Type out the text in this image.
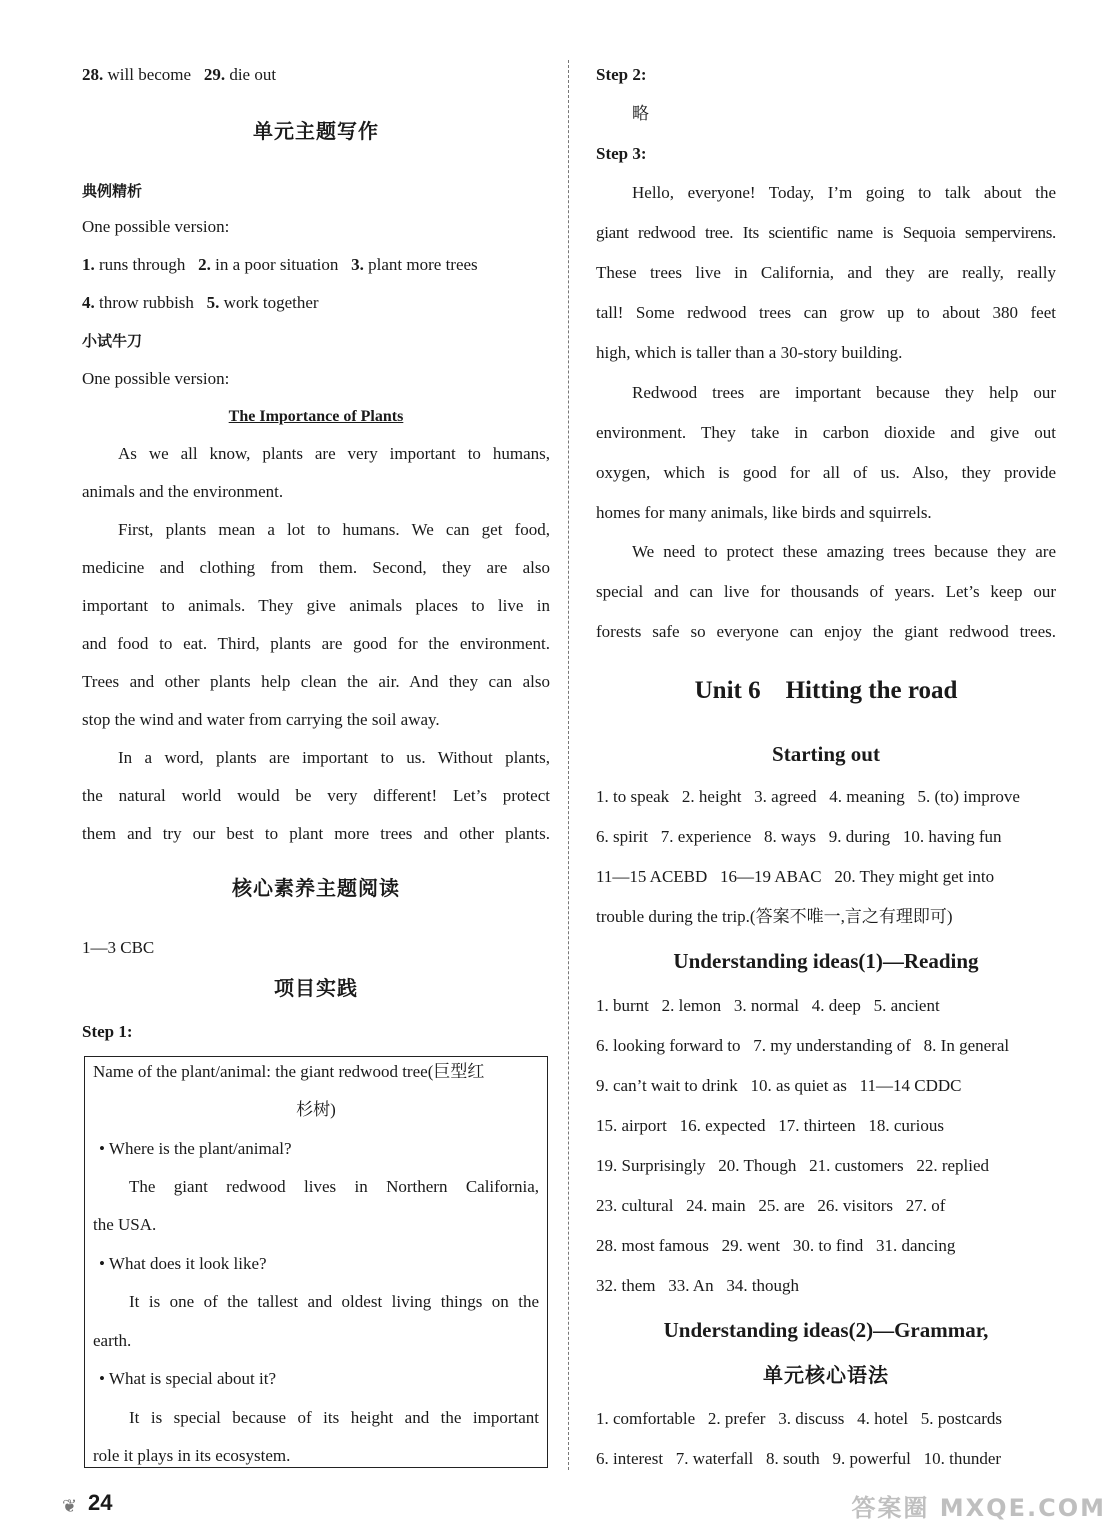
28. will become 29. die out
单元主题写作
典例精析
One possible version:
1. runs through 2. in a poor situation 3. plant more trees
4. throw rubbish 5. work together
小试牛刀
One possible version:
The Importance of Plants
As we all know, plants are very important to humans,
animals and the environment.
First, plants mean a lot to humans. We can get food,
medicine and clothing from them. Second, they are also
important to animals. They give animals places to live in
and food to eat. Third, plants are good for the environment.
Trees and other plants help clean the air. And they can also
stop the wind and water from carrying the soil away.
In a word, plants are important to us. Without plants,
the natural world would be very different! Let’s protect
them and try our best to plant more trees and other plants.
核心素养主题阅读
1—3 CBC
项目实践
Step 1:
Name of the plant/animal: the giant redwood tree(巨型红
杉树)
• Where is the plant/animal?
The giant redwood lives in Northern California,
the USA.
• What does it look like?
It is one of the tallest and oldest living things on the
earth.
• What is special about it?
It is special because of its height and the important
role it plays in its ecosystem.
Step 2:
略
Step 3:
Hello, everyone! Today, I’m going to talk about the
giant redwood tree. Its scientific name is Sequoia sempervirens.
These trees live in California, and they are really, really
tall! Some redwood trees can grow up to about 380 feet
high, which is taller than a 30-story building.
Redwood trees are important because they help our
environment. They take in carbon dioxide and give out
oxygen, which is good for all of us. Also, they provide
homes for many animals, like birds and squirrels.
We need to protect these amazing trees because they are
special and can live for thousands of years. Let’s keep our
forests safe so everyone can enjoy the giant redwood trees.
Unit 6    Hitting the road
Starting out
1. to speak   2. height   3. agreed   4. meaning   5. (to) improve
6. spirit   7. experience   8. ways   9. during   10. having fun
11—15 ACEBD   16—19 ABAC   20. They might get into
trouble during the trip.(答案不唯一,言之有理即可)
Understanding ideas(1)—Reading
1. burnt   2. lemon   3. normal   4. deep   5. ancient
6. looking forward to   7. my understanding of   8. In general
9. can’t wait to drink   10. as quiet as   11—14 CDDC
15. airport   16. expected   17. thirteen   18. curious
19. Surprisingly   20. Though   21. customers   22. replied
23. cultural   24. main   25. are   26. visitors   27. of
28. most famous   29. went   30. to find   31. dancing
32. them   33. An   34. though
Understanding ideas(2)—Grammar,
单元核心语法
1. comfortable   2. prefer   3. discuss   4. hotel   5. postcards
6. interest   7. waterfall   8. south   9. powerful   10. thunder
❦ 24	答案圈 MXQE.COM
